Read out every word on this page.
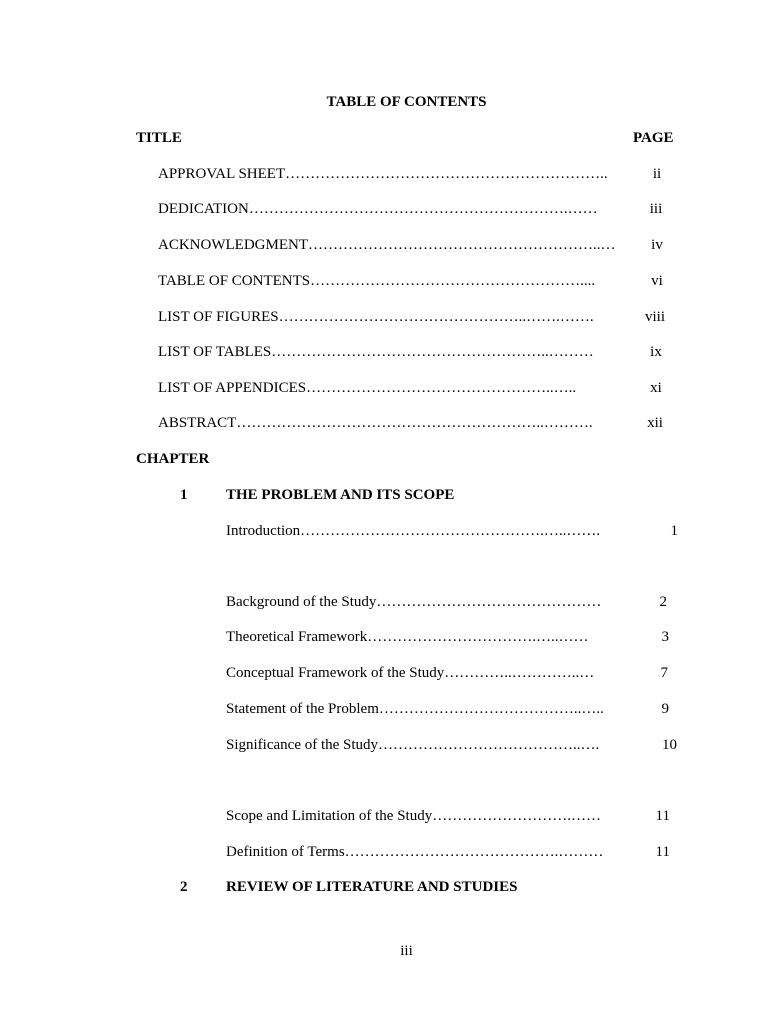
TABLE OF CONTENTS
TITLE	PAGE
APPROVAL SHEET………………………………………………………..	ii
DEDICATION……………………………………………………….……	iii
ACKNOWLEDGMENT…………………………………………………..…	iv
TABLE OF CONTENTS………………………………………………....	vi
LIST OF FIGURES…………………………………………..…….…….	viii
LIST OF TABLES………………………………………………..………	ix
LIST OF APPENDICES…………………………………………..…..	xi
ABSTRACT……………………………………………………..……….	xii
CHAPTER
1	THE PROBLEM AND ITS SCOPE
Introduction………………………………………….…..…….	1
Background of the Study………………………………………	2
Theoretical Framework…………………………….…..……	3
Conceptual Framework of the Study…………..…………..…	7
Statement of the Problem…………………………………..…..	9
Significance of the Study…………………………………..….	10
Scope and Limitation of the Study……………………….……	11
Definition of Terms…………………………………….………	11
2	REVIEW OF LITERATURE AND STUDIES
iii
